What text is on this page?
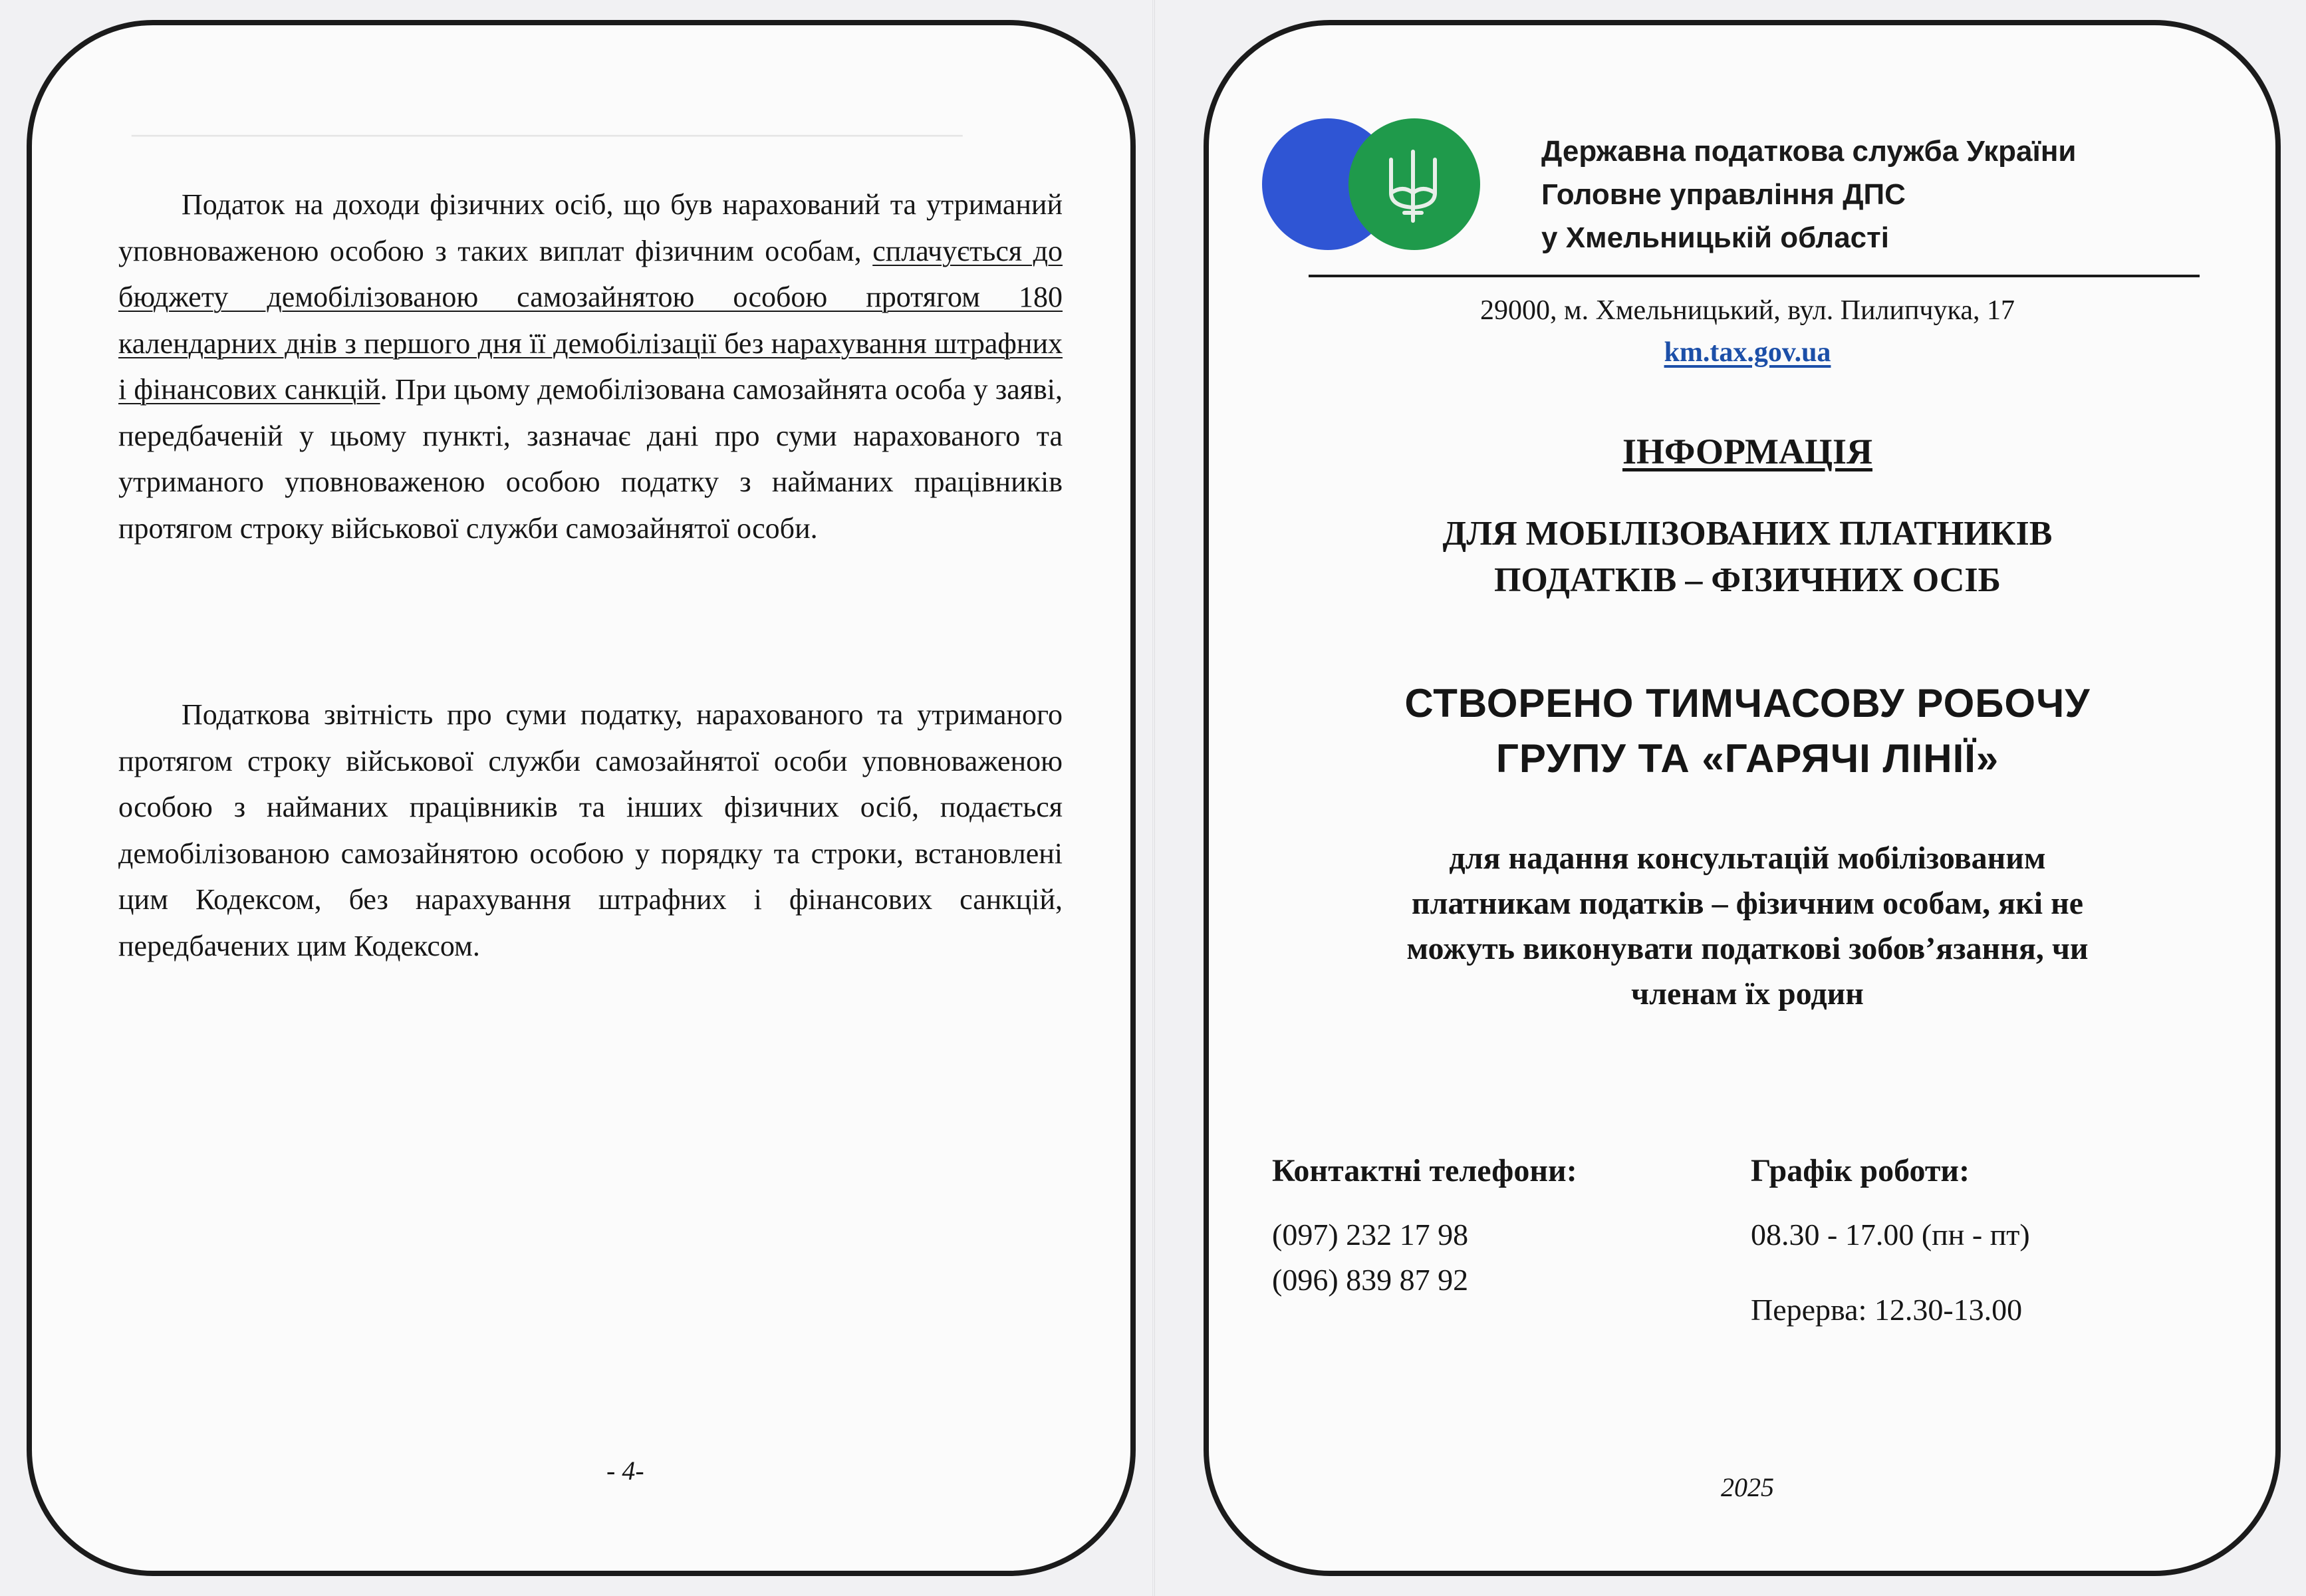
─────────────────────────────────────────────────

Податок на доходи фізичних осіб, що був нарахований та утриманий уповноваженою особою з таких виплат фізичним особам, сплачується до бюджету демобілізованою самозайнятою особою протягом 180 календарних днів з першого дня її демобілізації без нарахування штрафних і фінансових санкцій. При цьому демобілізована самозайнята особа у заяві, передбаченій у цьому пункті, зазначає дані про суми нарахованого та утриманого уповноваженою особою податку з найманих працівників протягом строку військової служби самозайнятої особи.

Податкова звітність про суми податку, нарахованого та утриманого протягом строку військової служби самозайнятої особи уповноваженою особою з найманих працівників та інших фізичних осіб, подається демобілізованою самозайнятою особою у порядку та строки, встановлені цим Кодексом, без нарахування штрафних і фінансових санкцій, передбачених цим Кодексом.

- 4-
Державна податкова служба України
Головне управління ДПС
у Хмельницькій області
29000, м. Хмельницький, вул. Пилипчука, 17
km.tax.gov.ua
ІНФОРМАЦІЯ
ДЛЯ МОБІЛІЗОВАНИХ ПЛАТНИКІВ
ПОДАТКІВ – ФІЗИЧНИХ ОСІБ
СТВОРЕНО ТИМЧАСОВУ РОБОЧУ
ГРУПУ ТА «ГАРЯЧІ ЛІНІЇ»
для надання консультацій мобілізованим
платникам податків – фізичним особам, які не
можуть виконувати податкові зобов’язання, чи
членам їх родин
Контактні телефони:
(097) 232 17 98
(096) 839 87 92
Графік роботи:
08.30 - 17.00 (пн - пт)
Перерва: 12.30-13.00
2025
